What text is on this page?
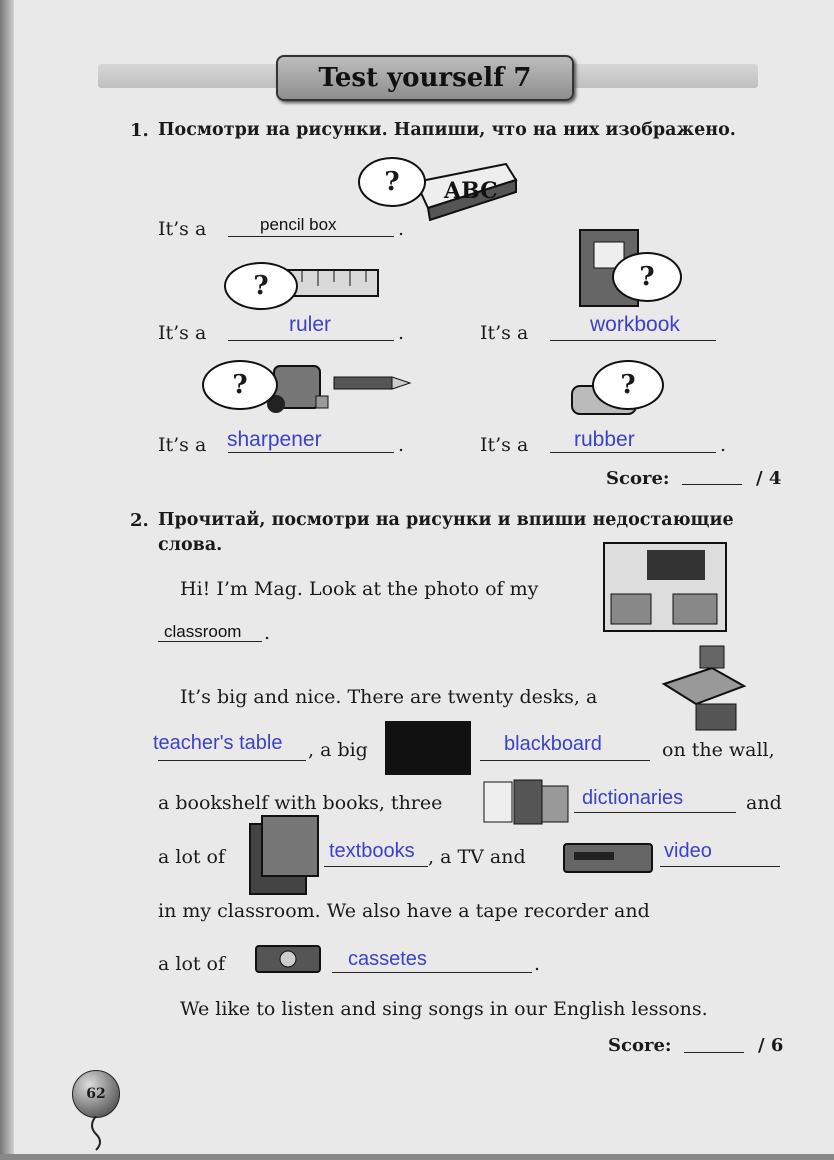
Test yourself 7
1. Посмотри на рисунки. Напиши, что на них изображено.
ABC
?
It’s a	.
pencil box
?
It’s a	.
ruler
?
It’s a	workbook
?
It’s a	.
sharpener
?
It’s a	.
rubber
Score:	/ 4
2. Прочитай, посмотри на рисунки и впиши недостающие
слова.
Hi! I’m Mag. Look at the photo of my
.
classroom
It’s big and nice. There are twenty desks, a
teacher's table , a big	blackboard	on the wall,
a bookshelf with books, three	dictionaries	and
a lot of	textbooks , a TV and	video
in my classroom. We also have a tape recorder and
a lot of	.
cassetes
We like to listen and sing songs in our English lessons.
Score:	/ 6
62
